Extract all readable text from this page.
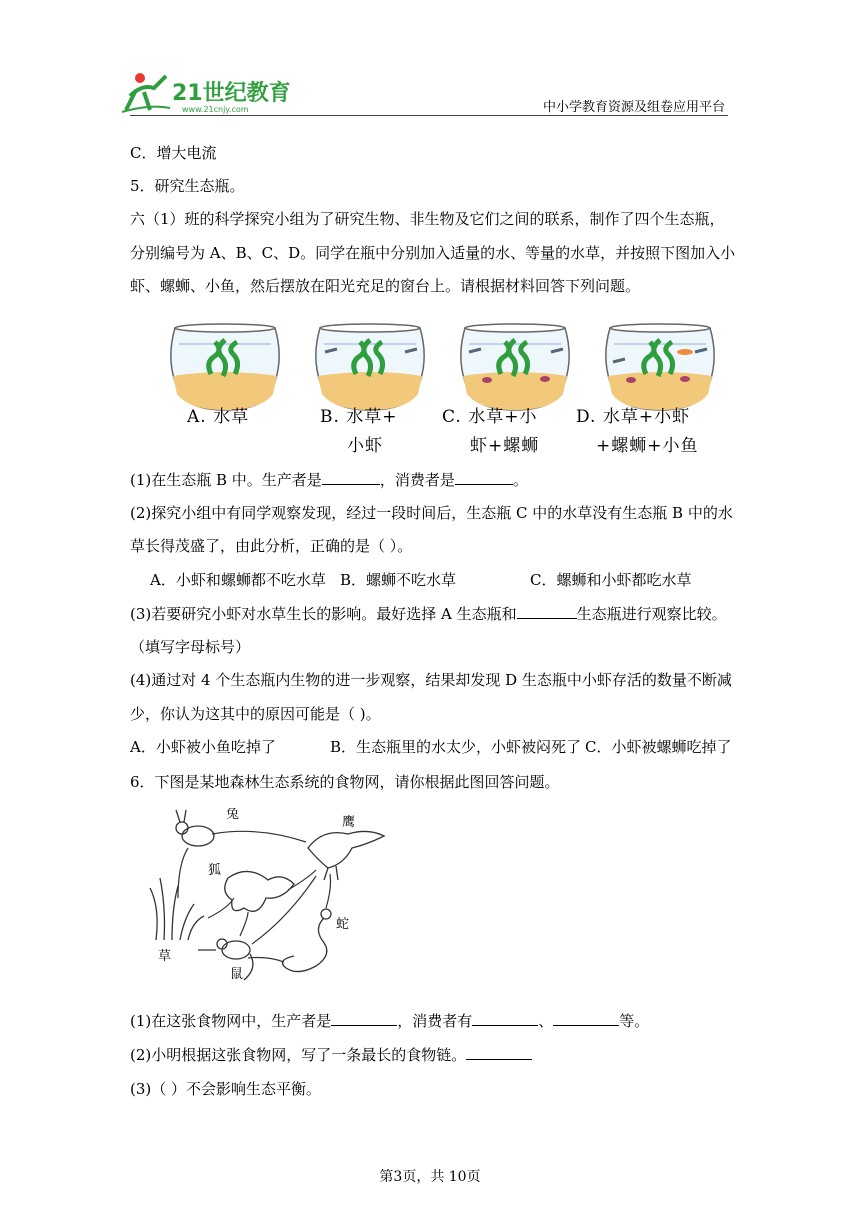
21世纪教育
www.21cnjy.com	中小学教育资源及组卷应用平台
C．增大电流
5．研究生态瓶。
六（1）班的科学探究小组为了研究生物、非生物及它们之间的联系，制作了四个生态瓶，
分别编号为 A、B、C、D。同学在瓶中分别加入适量的水、等量的水草，并按照下图加入小
虾、螺蛳、小鱼，然后摆放在阳光充足的窗台上。请根据材料回答下列问题。
A. 水草	B. 水草+
小虾
C. 水草+小
虾+螺蛳
D. 水草+小虾
+螺蛳+小鱼
(1)在生态瓶 B 中。生产者是	，消费者是	。
(2)探究小组中有同学观察发现，经过一段时间后，生态瓶 C 中的水草没有生态瓶 B 中的水
草长得茂盛了，由此分析，正确的是（ ）。
A．小虾和螺蛳都不吃水草 B．螺蛳不吃水草	C．螺蛳和小虾都吃水草
(3)若要研究小虾对水草生长的影响。最好选择 A 生态瓶和	生态瓶进行观察比较。
（填写字母标号）
(4)通过对 4 个生态瓶内生物的进一步观察，结果却发现 D 生态瓶中小虾存活的数量不断减
少，你认为这其中的原因可能是（ )。
A．小虾被小鱼吃掉了	B．生态瓶里的水太少，小虾被闷死了 C．小虾被螺蛳吃掉了
6．下图是某地森林生态系统的食物网，请你根据此图回答问题。
兔
鹰
狐
草
鼠
蛇
(1)在这张食物网中，生产者是	，消费者有	、	等。
(2)小明根据这张食物网，写了一条最长的食物链。
(3)（ ）不会影响生态平衡。
第3页，共 10页
